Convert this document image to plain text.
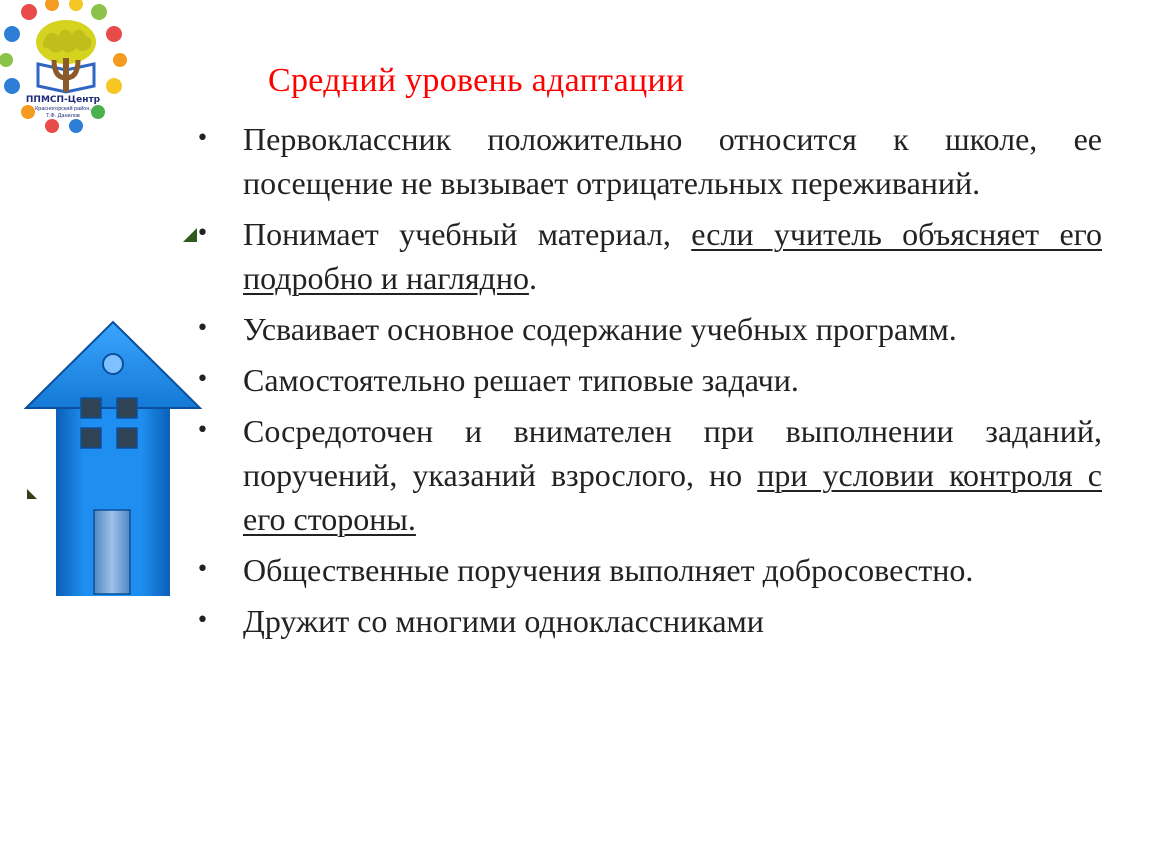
ППМСП-Центр
Красногорский район,
Т.Ф. Данилов
Средний уровень адаптации
• Первоклассник положительно относится к школе, ее посещение не вызывает отрицательных переживаний.
• Понимает учебный материал, если учитель объясняет его подробно и наглядно.
• Усваивает основное содержание учебных программ.
• Самостоятельно решает типовые задачи.
• Сосредоточен и внимателен при выполнении заданий, поручений, указаний взрослого, но при условии контроля с его стороны.
• Общественные поручения выполняет добросовестно.
• Дружит со многими одноклассниками
